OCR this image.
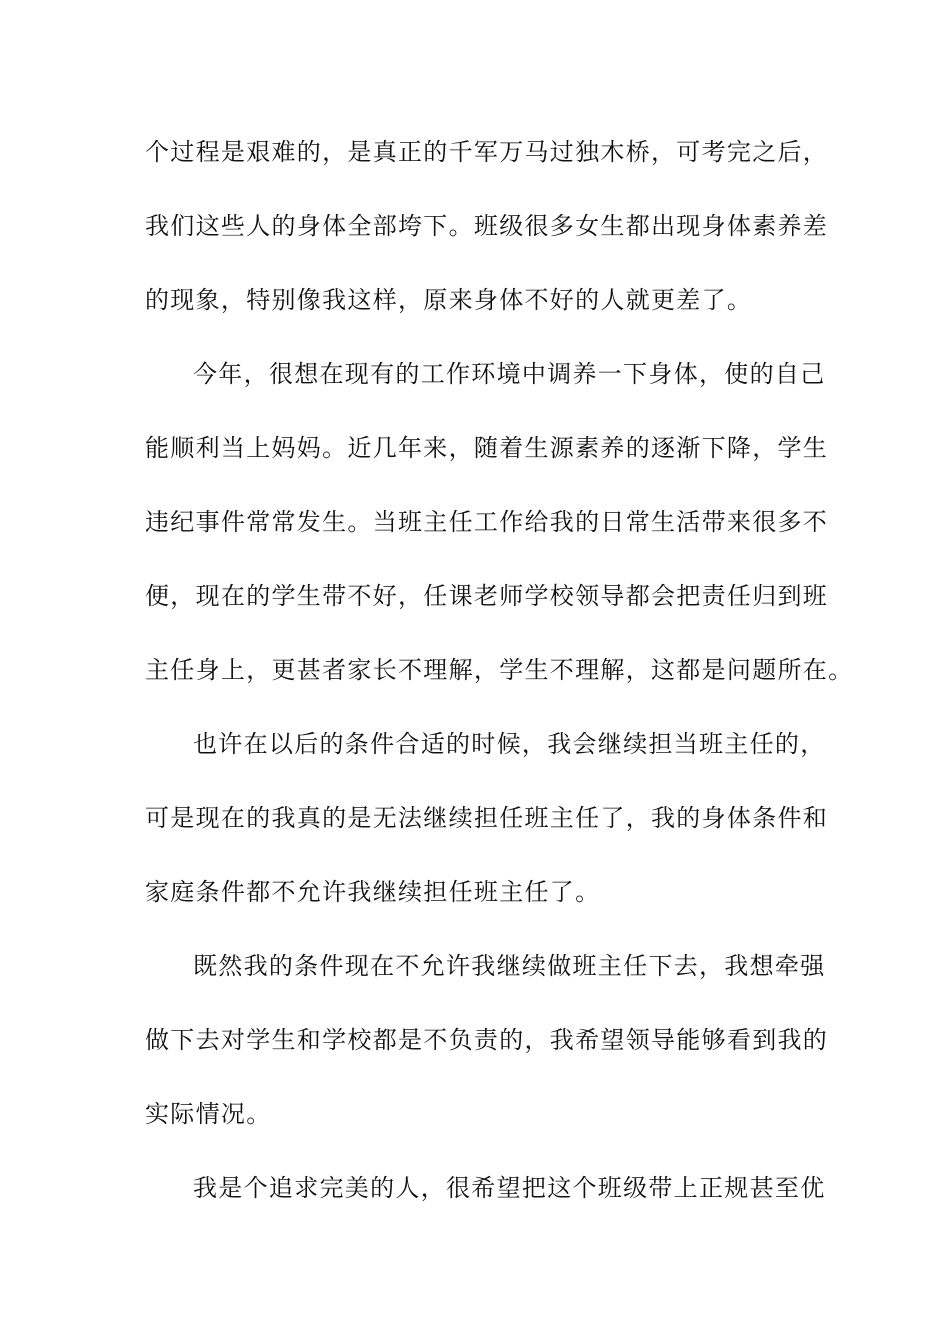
个过程是艰难的，是真正的千军万马过独木桥，可考完之后，
我们这些人的身体全部垮下。班级很多女生都出现身体素养差
的现象，特别像我这样，原来身体不好的人就更差了。
今年，很想在现有的工作环境中调养一下身体，使的自己
能顺利当上妈妈。近几年来，随着生源素养的逐渐下降，学生
违纪事件常常发生。当班主任工作给我的日常生活带来很多不
便，现在的学生带不好，任课老师学校领导都会把责任归到班
主任身上，更甚者家长不理解，学生不理解，这都是问题所在。
也许在以后的条件合适的时候，我会继续担当班主任的，
可是现在的我真的是无法继续担任班主任了，我的身体条件和
家庭条件都不允许我继续担任班主任了。
既然我的条件现在不允许我继续做班主任下去，我想牵强
做下去对学生和学校都是不负责的，我希望领导能够看到我的
实际情况。
我是个追求完美的人，很希望把这个班级带上正规甚至优
